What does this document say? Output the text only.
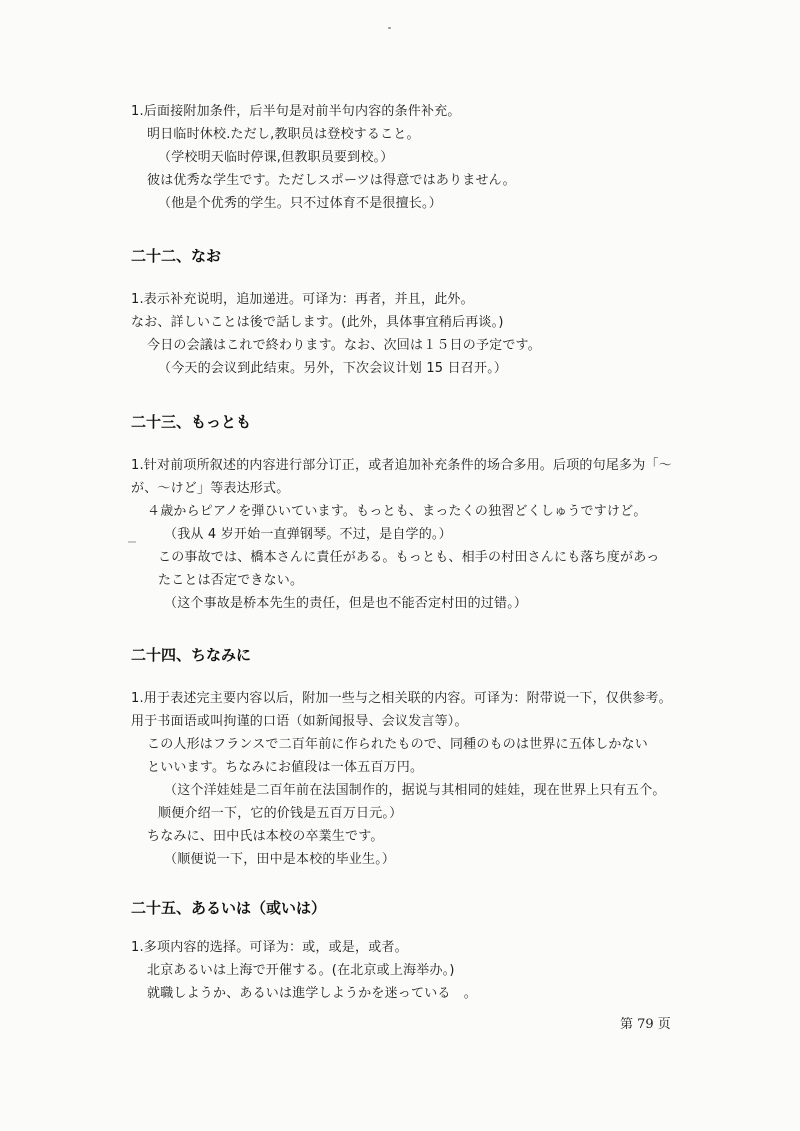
1.后面接附加条件，后半句是对前半句内容的条件补充。
明日临时休校.ただし,教职员は登校すること。
（学校明天临时停课,但教职员要到校。）
彼は优秀な学生です。ただしスポーツは得意ではありません。
（他是个优秀的学生。只不过体育不是很擅长。）
二十二、なお
1.表示补充说明，追加递进。可译为：再者，并且，此外。
なお、詳しいことは後で話します。(此外，具体事宜稍后再谈。)
今日の会議はこれで終わります。なお、次回は１５日の予定です。
（今天的会议到此结束。另外，下次会议计划 15 日召开。）
二十三、もっとも
1.针对前项所叙述的内容进行部分订正，或者追加补充条件的场合多用。后项的句尾多为「～
が、～けど」等表达形式。
４歳からピアノを弾ひいています。もっとも、まったくの独習どくしゅうですけど。
（我从 4 岁开始一直弹钢琴。不过，是自学的。）
この事故では、橋本さんに責任がある。もっとも、相手の村田さんにも落ち度があっ
たことは否定できない。
（这个事故是桥本先生的责任，但是也不能否定村田的过错。）
二十四、ちなみに
1.用于表述完主要内容以后，附加一些与之相关联的内容。可译为：附带说一下，仅供参考。
用于书面语或叫拘谨的口语（如新闻报导、会议发言等）。
この人形はフランスで二百年前に作られたもので、同種のものは世界に五体しかない
といいます。ちなみにお値段は一体五百万円。
（这个洋娃娃是二百年前在法国制作的，据说与其相同的娃娃，现在世界上只有五个。
顺便介绍一下，它的价钱是五百万日元。）
ちなみに、田中氏は本校の卒業生です。
（顺便说一下，田中是本校的毕业生。）
二十五、あるいは（或いは）
1.多项内容的选择。可译为：或，或是，或者。
北京あるいは上海で开催する。(在北京或上海举办。)
就職しようか、あるいは進学しようかを迷っている　。
第 79 页
